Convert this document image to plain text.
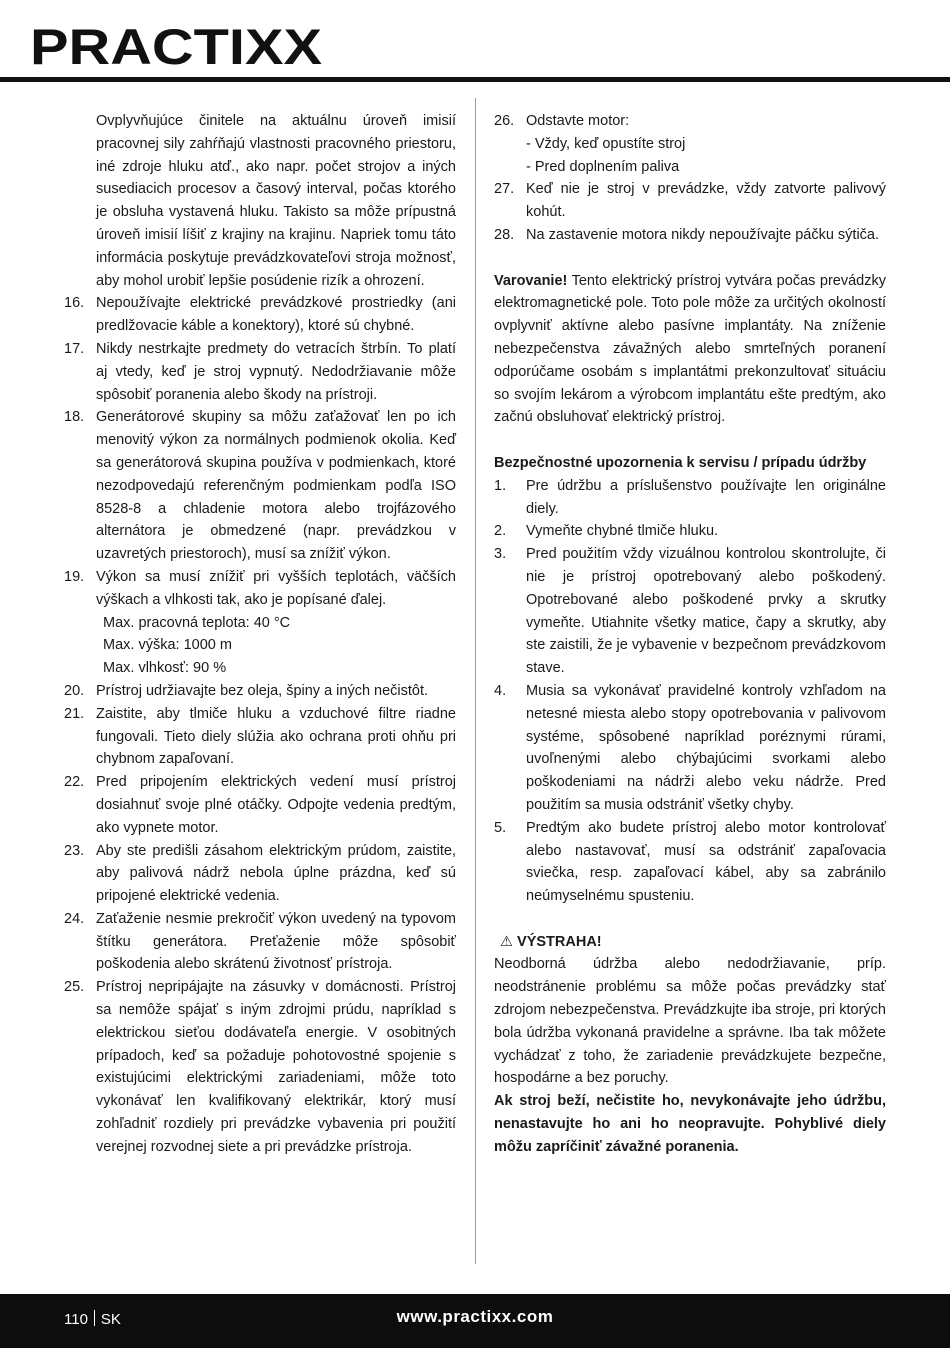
PRACTIXX

Ovplyvňujúce činitele na aktuálnu úroveň imisií pracovnej sily zahŕňajú vlastnosti pracovného priestoru, iné zdroje hluku atď., ako napr. počet strojov a iných susediacich procesov a časový interval, počas ktorého je obsluha vystavená hluku. Takisto sa môže prípustná úroveň imisií líšiť z krajiny na krajinu. Napriek tomu táto informácia poskytuje prevádzkovateľovi stroja možnosť, aby mohol urobiť lepšie posúdenie rizík a ohrození.

16. Nepoužívajte elektrické prevádzkové prostriedky (ani predlžovacie káble a konektory), ktoré sú chybné.
17. Nikdy nestrkajte predmety do vetracích štrbín. To platí aj vtedy, keď je stroj vypnutý. Nedodržiavanie môže spôsobiť poranenia alebo škody na prístroji.
18. Generátorové skupiny sa môžu zaťažovať len po ich menovitý výkon za normálnych podmienok okolia. Keď sa generátorová skupina používa v podmienkach, ktoré nezodpovedajú referenčným podmienkam podľa ISO 8528-8 a chladenie motora alebo trojfázového alternátora je obmedzené (napr. prevádzkou v uzavretých priestoroch), musí sa znížiť výkon.
19. Výkon sa musí znížiť pri vyšších teplotách, väčších výškach a vlhkosti tak, ako je popísané ďalej.
Max. pracovná teplota: 40 °C
Max. výška: 1000 m
Max. vlhkosť: 90 %
20. Prístroj udržiavajte bez oleja, špiny a iných nečistôt.
21. Zaistite, aby tlmiče hluku a vzduchové filtre riadne fungovali. Tieto diely slúžia ako ochrana proti ohňu pri chybnom zapaľovaní.
22. Pred pripojením elektrických vedení musí prístroj dosiahnuť svoje plné otáčky. Odpojte vedenia predtým, ako vypnete motor.
23. Aby ste predišli zásahom elektrickým prúdom, zaistite, aby palivová nádrž nebola úplne prázdna, keď sú pripojené elektrické vedenia.
24. Zaťaženie nesmie prekročiť výkon uvedený na typovom štítku generátora. Preťaženie môže spôsobiť poškodenia alebo skrátenú životnosť prístroja.
25. Prístroj nepripájajte na zásuvky v domácnosti. Prístroj sa nemôže spájať s iným zdrojmi prúdu, napríklad s elektrickou sieťou dodávateľa energie. V osobitných prípadoch, keď sa požaduje pohotovostné spojenie s existujúcimi elektrickými zariadeniami, môže toto vykonávať len kvalifikovaný elektrikár, ktorý musí zohľadniť rozdiely pri prevádzke vybavenia pri použití verejnej rozvodnej siete a pri prevádzke prístroja.
26. Odstavte motor:
- Vždy, keď opustíte stroj
- Pred doplnením paliva
27. Keď nie je stroj v prevádzke, vždy zatvorte palivový kohút.
28. Na zastavenie motora nikdy nepoužívajte páčku sýtiča.

Varovanie! Tento elektrický prístroj vytvára počas prevádzky elektromagnetické pole. Toto pole môže za určitých okolností ovplyvniť aktívne alebo pasívne implantáty. Na zníženie nebezpečenstva závažných alebo smrteľných poranení odporúčame osobám s implantátmi prekonzultovať situáciu so svojím lekárom a výrobcom implantátu ešte predtým, ako začnú obsluhovať elektrický prístroj.

Bezpečnostné upozornenia k servisu / prípadu údržby

1.	Pre údržbu a príslušenstvo používajte len originálne diely.
2.	Vymeňte chybné tlmiče hluku.
3.	Pred použitím vždy vizuálnou kontrolou skontrolujte, či nie je prístroj opotrebovaný alebo poškodený. Opotrebované alebo poškodené prvky a skrutky vymeňte. Utiahnite všetky matice, čapy a skrutky, aby ste zaistili, že je vybavenie v bezpečnom prevádzkovom stave.
4.	Musia sa vykonávať pravidelné kontroly vzhľadom na netesné miesta alebo stopy opotrebovania v palivovom systéme, spôsobené napríklad poréznymi rúrami, uvoľnenými alebo chýbajúcimi svorkami alebo poškodeniami na nádrži alebo veku nádrže. Pred použitím sa musia odstrániť všetky chyby.
5.	Predtým ako budete prístroj alebo motor kontrolovať alebo nastavovať, musí sa odstrániť zapaľovacia sviečka, resp. zapaľovací kábel, aby sa zabránilo neúmyselnému spusteniu.
⚠ VÝSTRAHA!

Neodborná údržba alebo nedodržiavanie, príp. neodstránenie problému sa môže počas prevádzky stať zdrojom nebezpečenstva. Prevádzkujte iba stroje, pri ktorých bola údržba vykonaná pravidelne a správne. Iba tak môžete vychádzať z toho, že zariadenie prevádzkujete bezpečne, hospodárne a bez poruchy.

Ak stroj beží, nečistite ho, nevykonávajte jeho údržbu, nenastavujte ho ani ho neopravujte. Pohyblivé diely môžu zapríčiniť závažné poranenia.

110 SK	www.practixx.com
